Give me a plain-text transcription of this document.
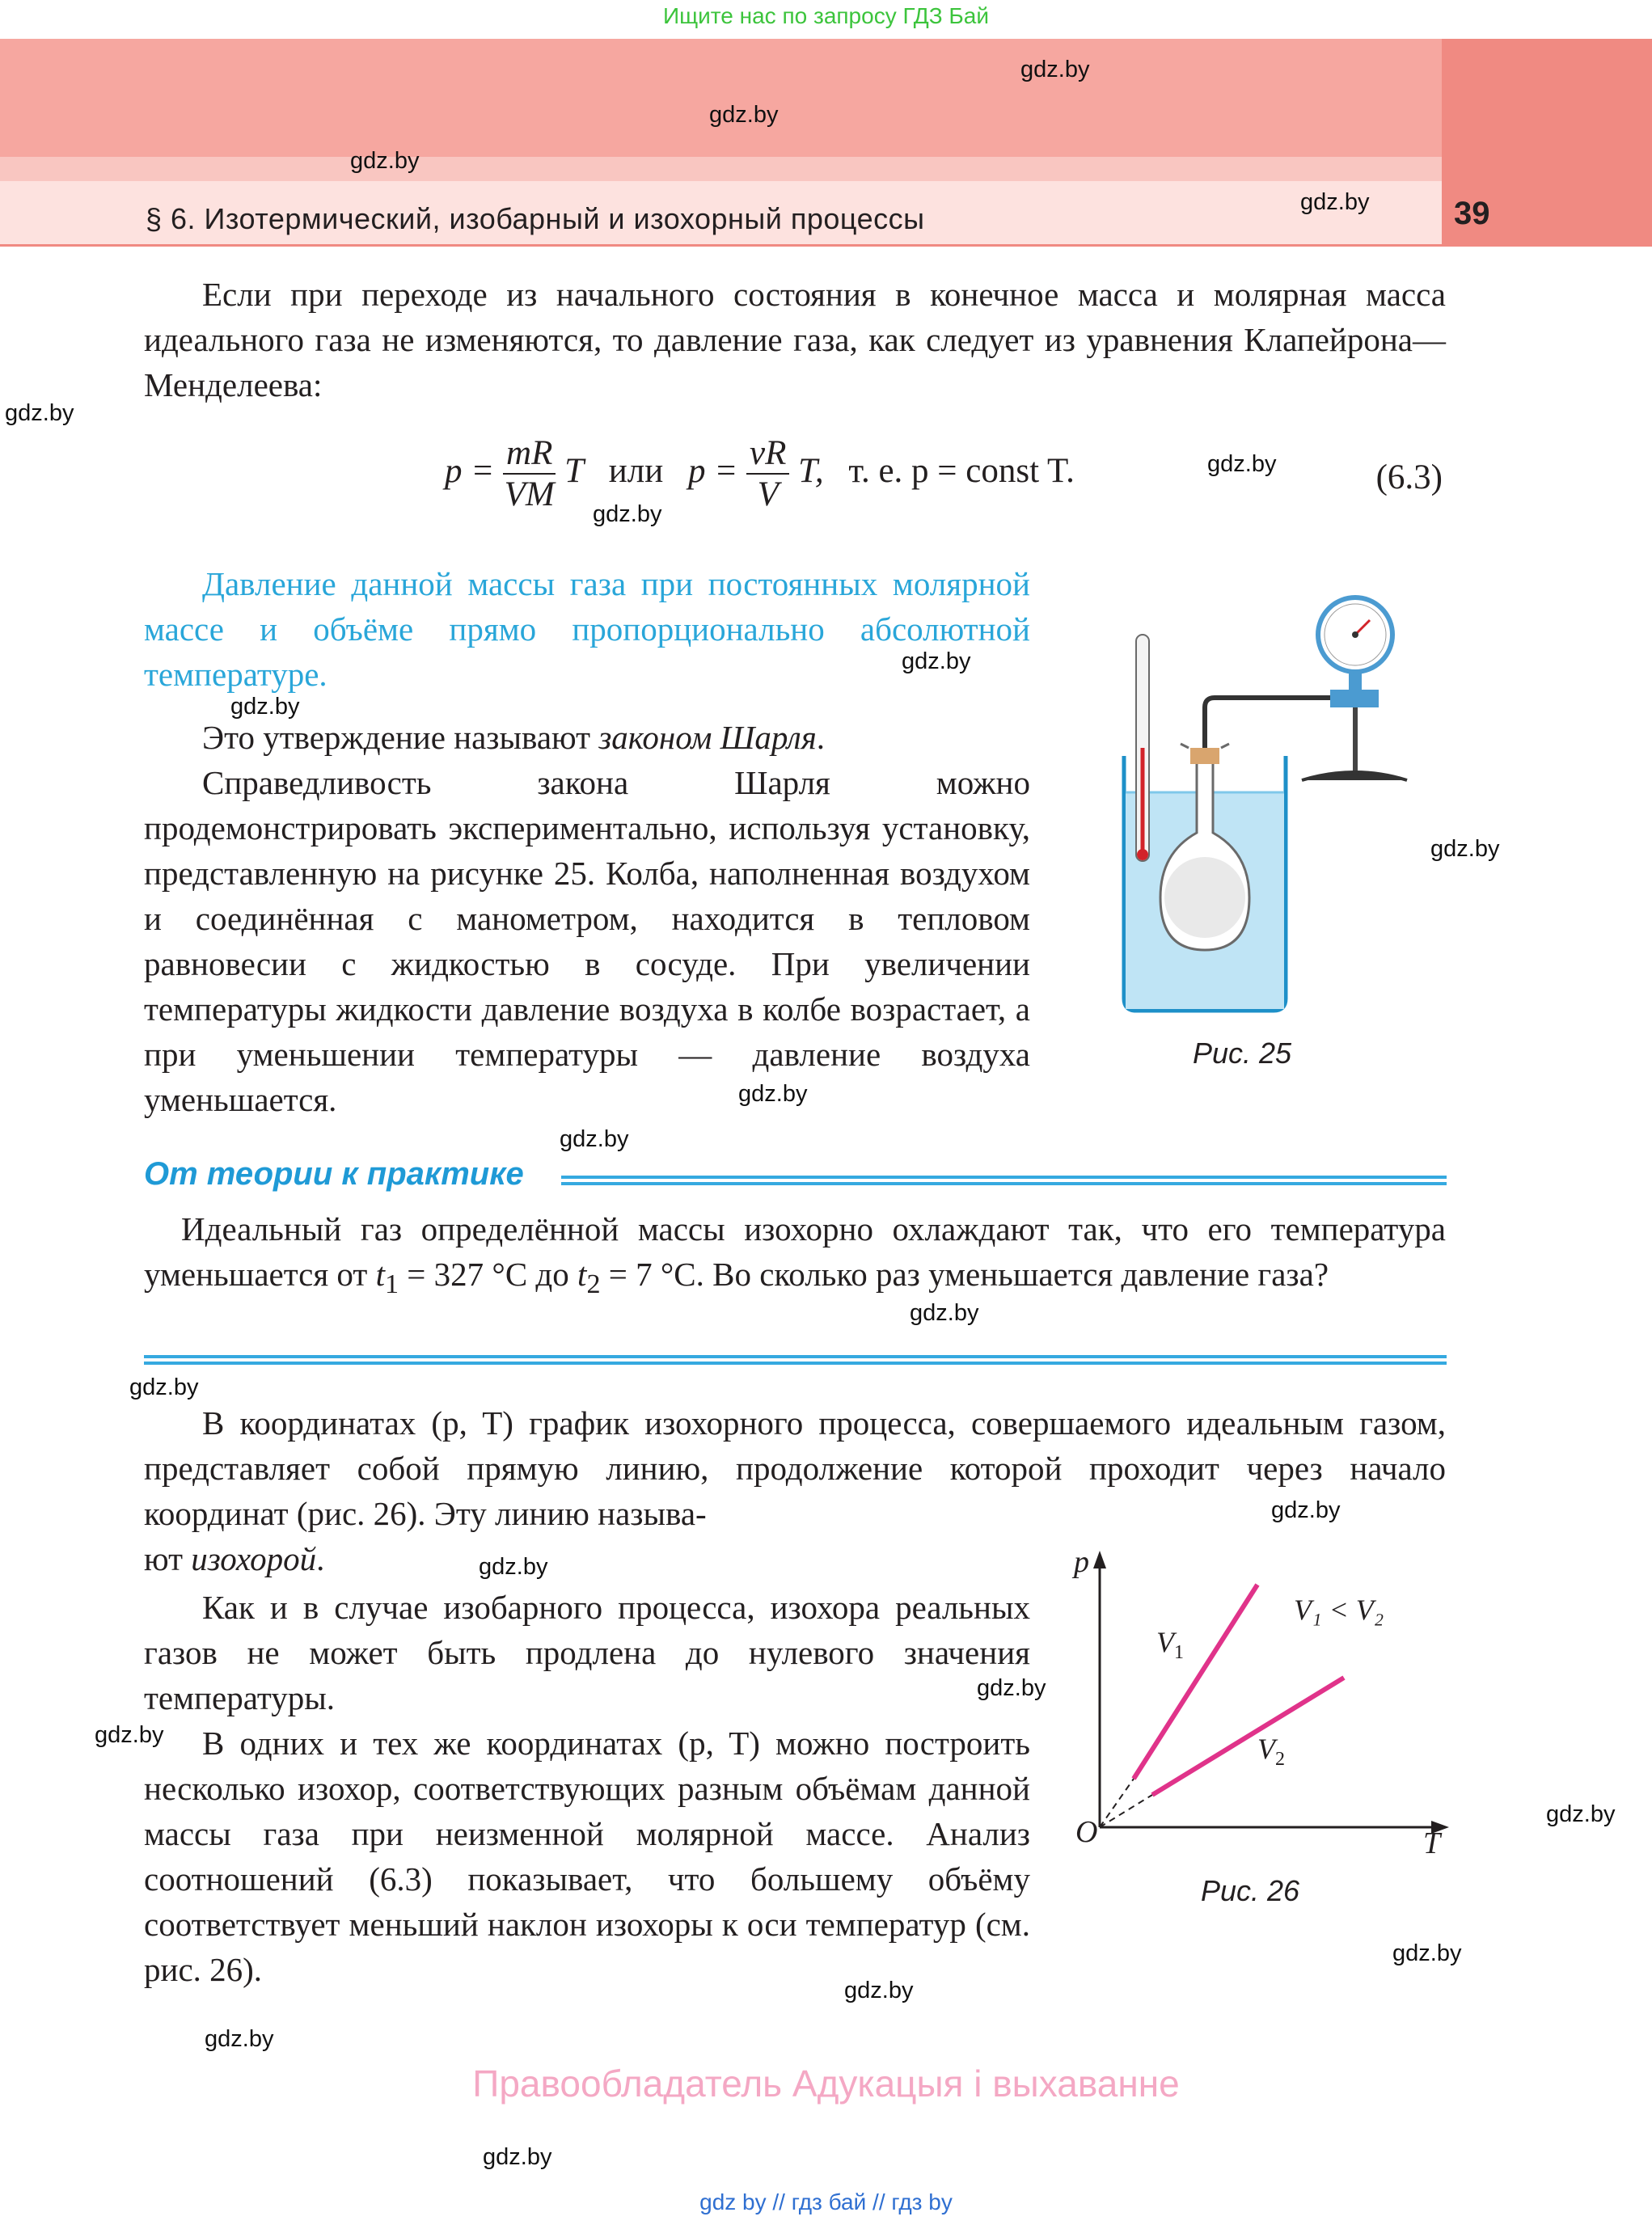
Ищите нас по запросу ГДЗ Бай
§ 6. Изотермический, изобарный и изохорный процессы	39
gdz.by
gdz.by
gdz.by
gdz.by
gdz.by
gdz.by
gdz.by
gdz.by
gdz.by
gdz.by
gdz.by
gdz.by
gdz.by
gdz.by
gdz.by
gdz.by
gdz.by
gdz.by
gdz.by
gdz.by
gdz.by
gdz.by
gdz.by
Если при переходе из начального состояния в конечное масса и молярная масса идеального газа не изменяются, то давление газа, как следует из уравнения Клапейрона—Менделеева:
$p = \frac{mR}{VM}$ T или $p = \frac{\nu R}{V} T$, т. е. p = const T.	(6.3)
Давление данной массы газа при постоянных молярной массе и объёме прямо пропорционально абсолютной температуре.
Это утверждение называют законом Шарля.
Справедливость закона Шарля можно продемонстрировать экспериментально, используя установку, представленную на рисунке 25. Колба, наполненная воздухом и соединённая с манометром, находится в тепловом равновесии с жидкостью в сосуде. При увеличении температуры жидкости давление воздуха в колбе возрастает, а при уменьшении температуры — давление воздуха уменьшается.
Рис. 25
От теории к практике
Идеальный газ определённой массы изохорно охлаждают так, что его температура уменьшается от $t_1 = 327$ °С до $t_2 = 7$ °С. Во сколько раз уменьшается давление газа?
В координатах (p, T) график изохорного процесса, совершаемого идеальным газом, представляет собой прямую линию, продолжение которой проходит через начало координат (рис. 26). Эту линию называ-
ют изохорой.
Как и в случае изобарного процесса, изохора реальных газов не может быть продлена до нулевого значения температуры.
В одних и тех же координатах (p, T) можно построить несколько изохор, соответствующих разным объёмам данной массы газа при неизменной молярной массе. Анализ соотношений (6.3) показывает, что большему объёму соответствует меньший наклон изохоры к оси температур (см. рис. 26).
p
T
O
$V_1$
$V_2$
V₁ < V₂
Рис. 26
Правообладатель Адукацыя і выхаванне
gdz by // гдз бай // гдз by
